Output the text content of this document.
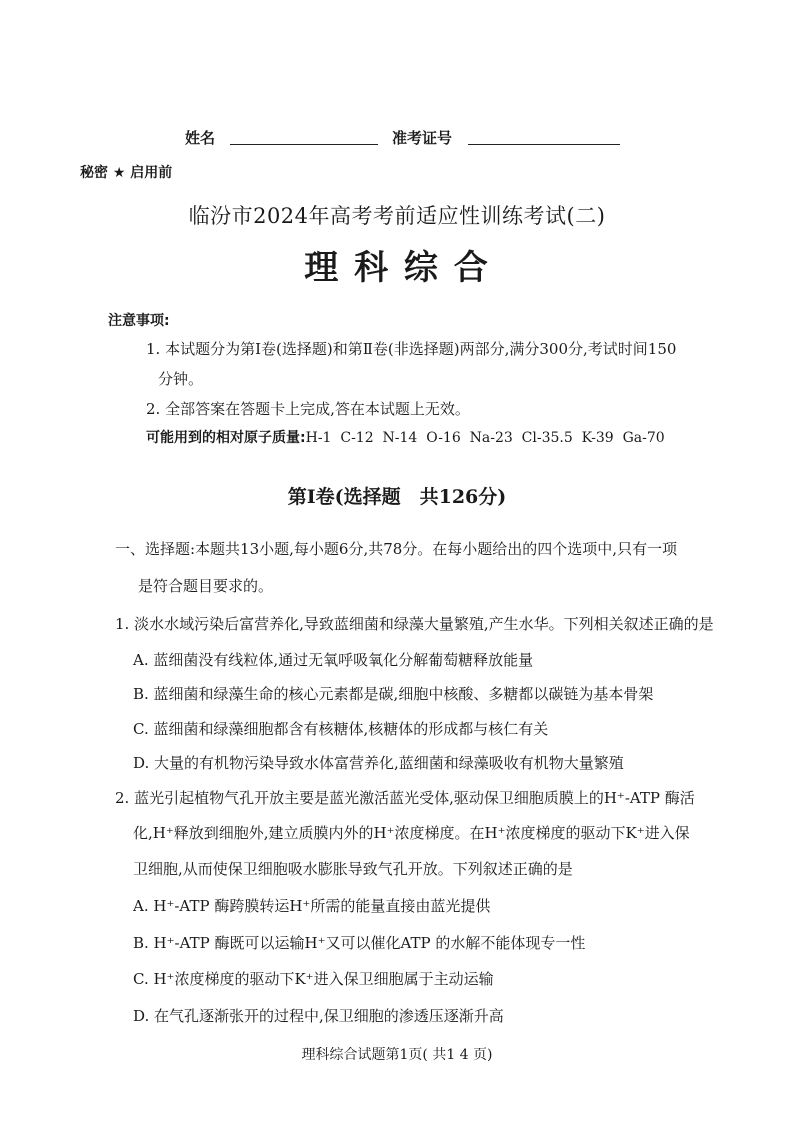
姓名	准考证号
秘密 ★ 启用前
临汾市2024年高考考前适应性训练考试(二)
理 科 综 合
注意事项:
1. 本试题分为第Ⅰ卷(选择题)和第Ⅱ卷(非选择题)两部分,满分300分,考试时间150
分钟。
2. 全部答案在答题卡上完成,答在本试题上无效。
可能用到的相对原子质量:H-1  C-12  N-14  O-16  Na-23  Cl-35.5  K-39  Ga-70
第Ⅰ卷(选择题　共126分)
一、选择题:本题共13小题,每小题6分,共78分。在每小题给出的四个选项中,只有一项
是符合题目要求的。
1. 淡水水域污染后富营养化,导致蓝细菌和绿藻大量繁殖,产生水华。下列相关叙述正确的是
A. 蓝细菌没有线粒体,通过无氧呼吸氧化分解葡萄糖释放能量
B. 蓝细菌和绿藻生命的核心元素都是碳,细胞中核酸、多糖都以碳链为基本骨架
C. 蓝细菌和绿藻细胞都含有核糖体,核糖体的形成都与核仁有关
D. 大量的有机物污染导致水体富营养化,蓝细菌和绿藻吸收有机物大量繁殖
2. 蓝光引起植物气孔开放主要是蓝光激活蓝光受体,驱动保卫细胞质膜上的H⁺-ATP 酶活
化,H⁺释放到细胞外,建立质膜内外的H⁺浓度梯度。在H⁺浓度梯度的驱动下K⁺进入保
卫细胞,从而使保卫细胞吸水膨胀导致气孔开放。下列叙述正确的是
A. H⁺-ATP 酶跨膜转运H⁺所需的能量直接由蓝光提供
B. H⁺-ATP 酶既可以运输H⁺又可以催化ATP 的水解不能体现专一性
C. H⁺浓度梯度的驱动下K⁺进入保卫细胞属于主动运输
D. 在气孔逐渐张开的过程中,保卫细胞的渗透压逐渐升高
理科综合试题第1页( 共1 4 页)
